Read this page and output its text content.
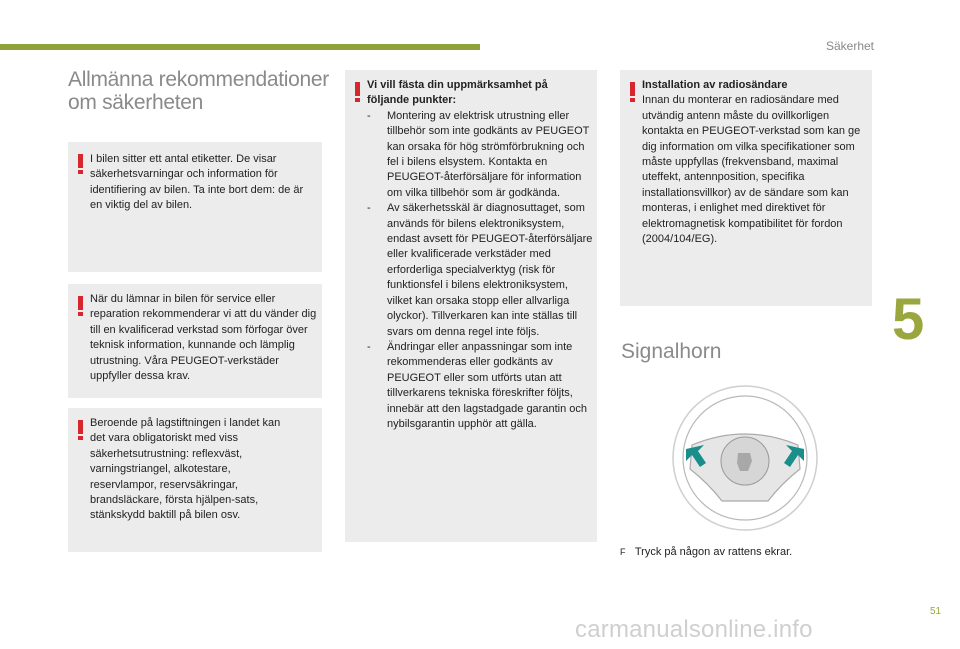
Säkerhet
Allmänna rekommendationer om säkerheten
I bilen sitter ett antal etiketter. De visar säkerhetsvarningar och information för identifiering av bilen. Ta inte bort dem: de är en viktig del av bilen.
När du lämnar in bilen för service eller reparation rekommenderar vi att du vänder dig till en kvalificerad verkstad som förfogar över teknisk information, kunnande och lämplig utrustning. Våra PEUGEOT-verkstäder uppfyller dessa krav.
Beroende på lagstiftningen i landet kan det vara obligatoriskt med viss säkerhetsutrustning: reflexväst, varningstriangel, alkotestare, reservlampor, reservsäkringar, brandsläckare, första hjälpen-sats, stänkskydd baktill på bilen osv.
Vi vill fästa din uppmärksamhet på följande punkter:
- Montering av elektrisk utrustning eller tillbehör som inte godkänts av PEUGEOT kan orsaka för hög strömförbrukning och fel i bilens elsystem. Kontakta en PEUGEOT-återförsäljare för information om vilka tillbehör som är godkända.
- Av säkerhetsskäl är diagnosuttaget, som används för bilens elektroniksystem, endast avsett för PEUGEOT-återförsäljare eller kvalificerade verkstäder med erforderliga specialverktyg (risk för funktionsfel i bilens elektroniksystem, vilket kan orsaka stopp eller allvarliga olyckor). Tillverkaren kan inte ställas till svars om denna regel inte följs.
- Ändringar eller anpassningar som inte rekommenderas eller godkänts av PEUGEOT eller som utförts utan att tillverkarens tekniska föreskrifter följts, innebär att den lagstadgade garantin och nybilsgarantin upphör att gälla.
Installation av radiosändare
Innan du monterar en radiosändare med utvändig antenn måste du ovillkorligen kontakta en PEUGEOT-verkstad som kan ge dig information om vilka specifikationer som måste uppfyllas (frekvensband, maximal uteffekt, antennposition, specifika installationsvillkor) av de sändare som kan monteras, i enlighet med direktivet för elektromagnetisk kompatibilitet för fordon (2004/104/EG).
Signalhorn
F Tryck på någon av rattens ekrar.
5
51
carmanualsonline.info
